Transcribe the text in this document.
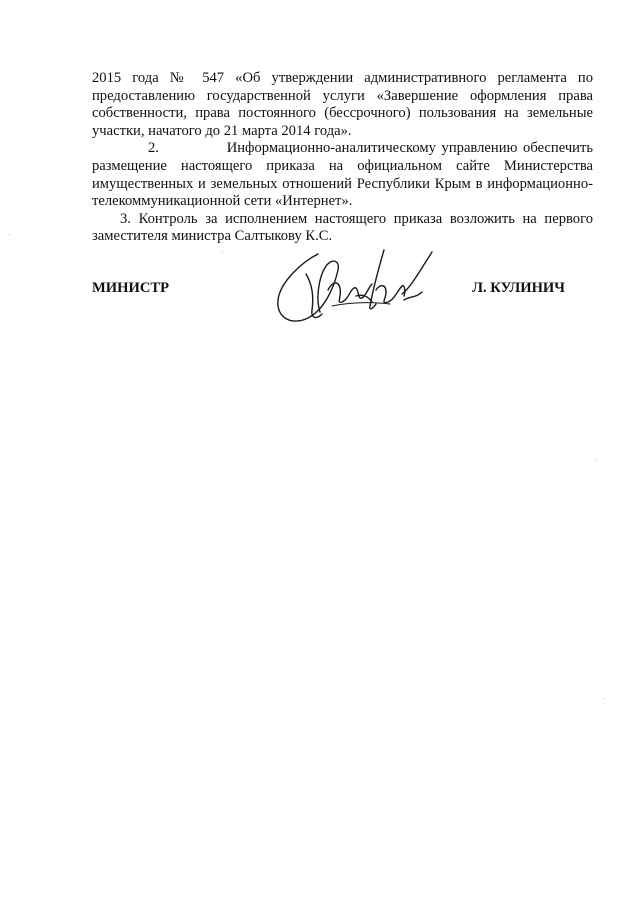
2015 года № 547 «Об утверждении административного регламента по предоставлению государственной услуги «Завершение оформления права собственности, права постоянного (бессрочного) пользования на земельные участки, начатого до 21 марта 2014 года».

2.	Информационно-аналитическому управлению обеспечить размещение настоящего приказа на официальном сайте Министерства имущественных и земельных отношений Республики Крым в информационно-телекоммуникационной сети «Интернет».

3. Контроль за исполнением настоящего приказа возложить на первого заместителя министра Салтыкову К.С.

МИНИСТР	Л. КУЛИНИЧ
